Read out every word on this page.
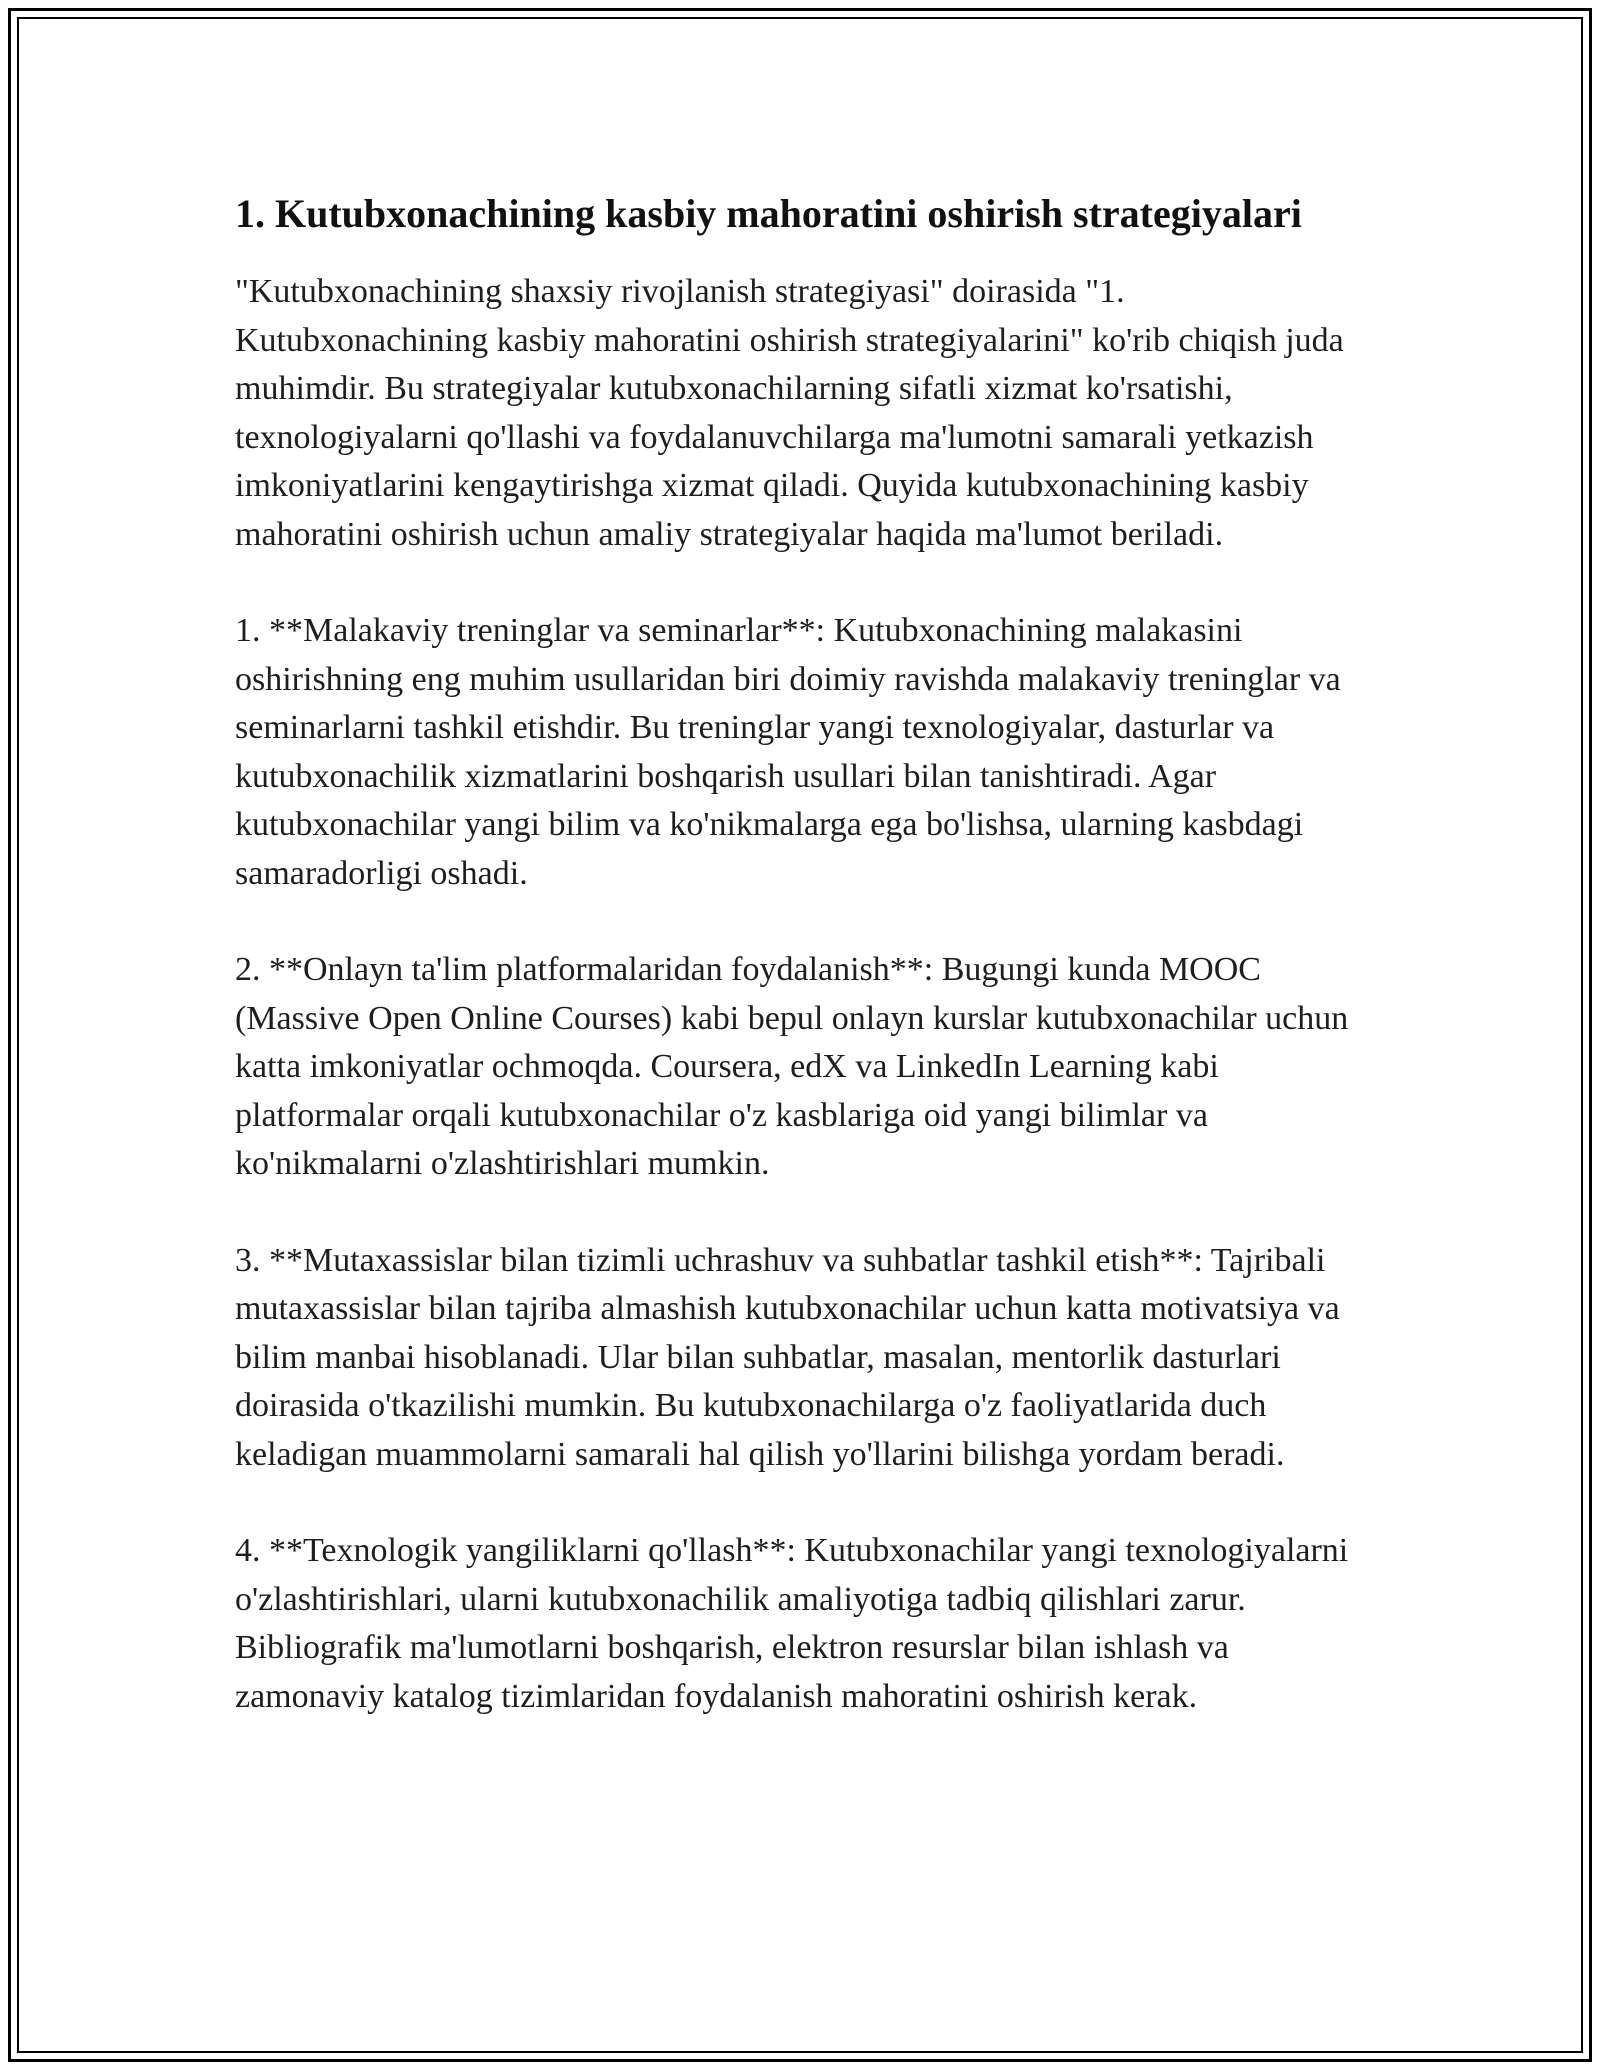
1. Kutubxonachining kasbiy mahoratini oshirish strategiyalari

"Kutubxonachining shaxsiy rivojlanish strategiyasi" doirasida "1. Kutubxonachining kasbiy mahoratini oshirish strategiyalarini" ko'rib chiqish juda muhimdir. Bu strategiyalar kutubxonachilarning sifatli xizmat ko'rsatishi, texnologiyalarni qo'llashi va foydalanuvchilarga ma'lumotni samarali yetkazish imkoniyatlarini kengaytirishga xizmat qiladi. Quyida kutubxonachining kasbiy mahoratini oshirish uchun amaliy strategiyalar haqida ma'lumot beriladi.

1. **Malakaviy treninglar va seminarlar**: Kutubxonachining malakasini oshirishning eng muhim usullaridan biri doimiy ravishda malakaviy treninglar va seminarlarni tashkil etishdir. Bu treninglar yangi texnologiyalar, dasturlar va kutubxonachilik xizmatlarini boshqarish usullari bilan tanishtiradi. Agar kutubxonachilar yangi bilim va ko'nikmalarga ega bo'lishsa, ularning kasbdagi samaradorligi oshadi.

2. **Onlayn ta'lim platformalaridan foydalanish**: Bugungi kunda MOOC (Massive Open Online Courses) kabi bepul onlayn kurslar kutubxonachilar uchun katta imkoniyatlar ochmoqda. Coursera, edX va LinkedIn Learning kabi platformalar orqali kutubxonachilar o'z kasblariga oid yangi bilimlar va ko'nikmalarni o'zlashtirishlari mumkin.

3. **Mutaxassislar bilan tizimli uchrashuv va suhbatlar tashkil etish**: Tajribali mutaxassislar bilan tajriba almashish kutubxonachilar uchun katta motivatsiya va bilim manbai hisoblanadi. Ular bilan suhbatlar, masalan, mentorlik dasturlari doirasida o'tkazilishi mumkin. Bu kutubxonachilarga o'z faoliyatlarida duch keladigan muammolarni samarali hal qilish yo'llarini bilishga yordam beradi.

4. **Texnologik yangiliklarni qo'llash**: Kutubxonachilar yangi texnologiyalarni o'zlashtirishlari, ularni kutubxonachilik amaliyotiga tadbiq qilishlari zarur. Bibliografik ma'lumotlarni boshqarish, elektron resurslar bilan ishlash va zamonaviy katalog tizimlaridan foydalanish mahoratini oshirish kerak.
